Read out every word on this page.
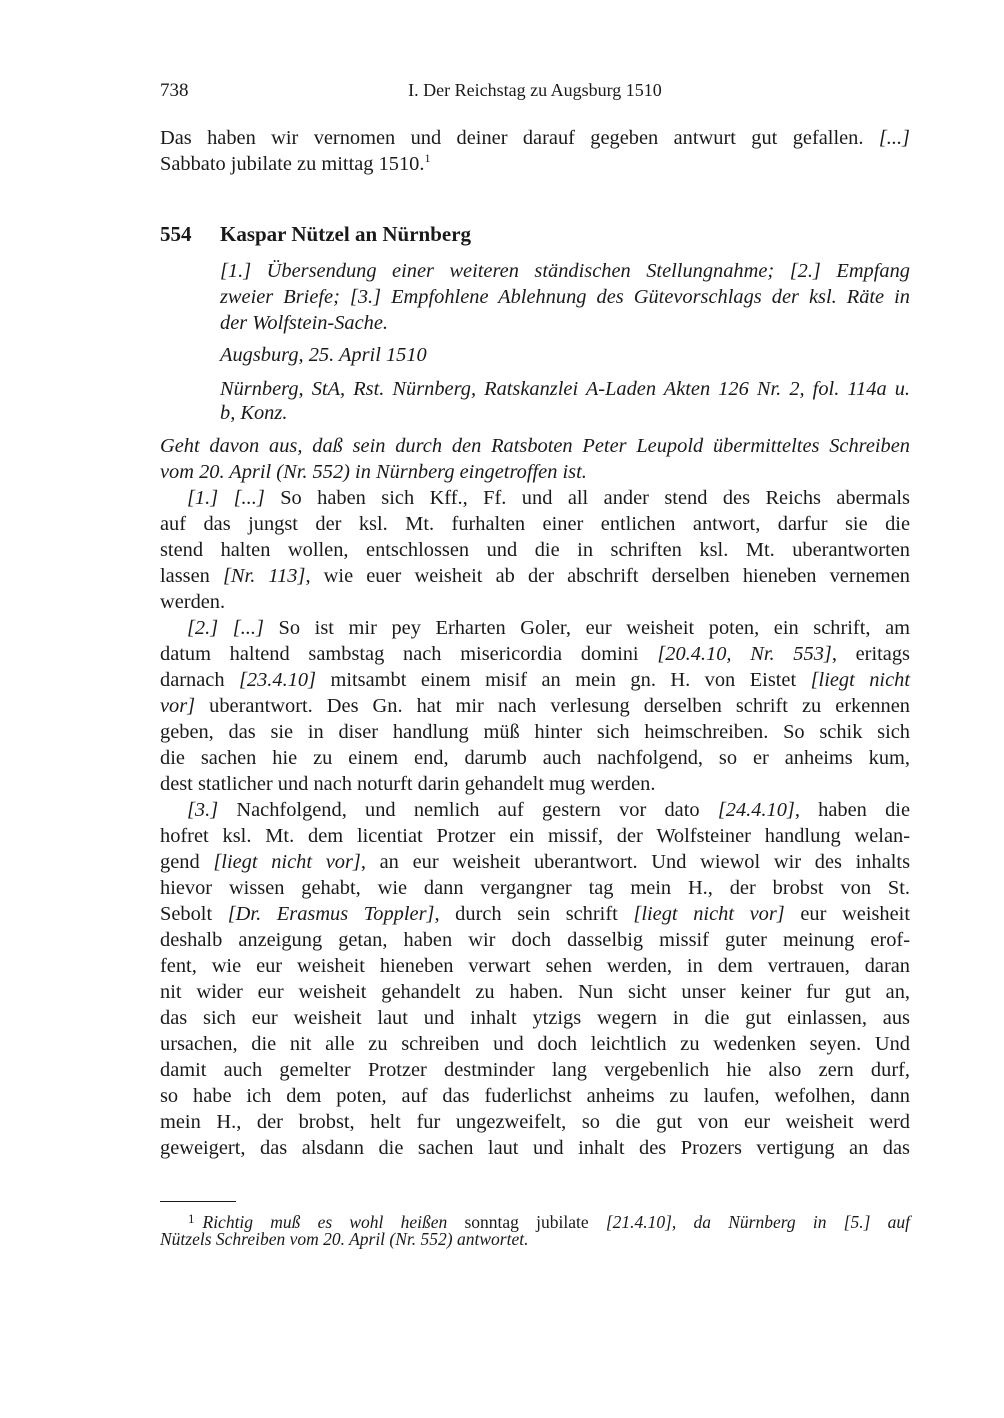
738	I. Der Reichstag zu Augsburg 1510
Das haben wir vernomen und deiner darauf gegeben antwurt gut gefallen. [...]
Sabbato jubilate zu mittag 1510.$^1$
554 Kaspar Nützel an Nürnberg
[1.] Übersendung einer weiteren ständischen Stellungnahme; [2.] Empfang
zweier Briefe; [3.] Empfohlene Ablehnung des Gütevorschlags der ksl. Räte in
der Wolfstein-Sache.
Augsburg, 25. April 1510
Nürnberg, StA, Rst. Nürnberg, Ratskanzlei A-Laden Akten 126 Nr. 2, fol. 114a u.
b, Konz.
Geht davon aus, daß sein durch den Ratsboten Peter Leupold übermitteltes Schreiben
vom 20. April (Nr. 552) in Nürnberg eingetroffen ist.
[1.] [...] So haben sich Kff., Ff. und all ander stend des Reichs abermals
auf das jungst der ksl. Mt. furhalten einer entlichen antwort, darfur sie die
stend halten wollen, entschlossen und die in schriften ksl. Mt. uberantworten
lassen [Nr. 113], wie euer weisheit ab der abschrift derselben hieneben vernemen
werden.
[2.] [...] So ist mir pey Erharten Goler, eur weisheit poten, ein schrift, am
datum haltend sambstag nach misericordia domini [20.4.10, Nr. 553], eritags
darnach [23.4.10] mitsambt einem misif an mein gn. H. von Eistet [liegt nicht
vor] uberantwort. Des Gn. hat mir nach verlesung derselben schrift zu erkennen
geben, das sie in diser handlung müß hinter sich heimschreiben. So schik sich
die sachen hie zu einem end, darumb auch nachfolgend, so er anheims kum,
dest statlicher und nach noturft darin gehandelt mug werden.
[3.] Nachfolgend, und nemlich auf gestern vor dato [24.4.10], haben die
hofret ksl. Mt. dem licentiat Protzer ein missif, der Wolfsteiner handlung welan-
gend [liegt nicht vor], an eur weisheit uberantwort. Und wiewol wir des inhalts
hievor wissen gehabt, wie dann vergangner tag mein H., der brobst von St.
Sebolt [Dr. Erasmus Toppler], durch sein schrift [liegt nicht vor] eur weisheit
deshalb anzeigung getan, haben wir doch dasselbig missif guter meinung erof-
fent, wie eur weisheit hieneben verwart sehen werden, in dem vertrauen, daran
nit wider eur weisheit gehandelt zu haben. Nun sicht unser keiner fur gut an,
das sich eur weisheit laut und inhalt ytzigs wegern in die gut einlassen, aus
ursachen, die nit alle zu schreiben und doch leichtlich zu wedenken seyen. Und
damit auch gemelter Protzer destminder lang vergebenlich hie also zern durf,
so habe ich dem poten, auf das fuderlichst anheims zu laufen, wefolhen, dann
mein H., der brobst, helt fur ungezweifelt, so die gut von eur weisheit werd
geweigert, das alsdann die sachen laut und inhalt des Prozers vertigung an das
$^1$ Richtig muß es wohl heißen sonntag jubilate [21.4.10], da Nürnberg in [5.] auf
Nützels Schreiben vom 20. April (Nr. 552) antwortet.
